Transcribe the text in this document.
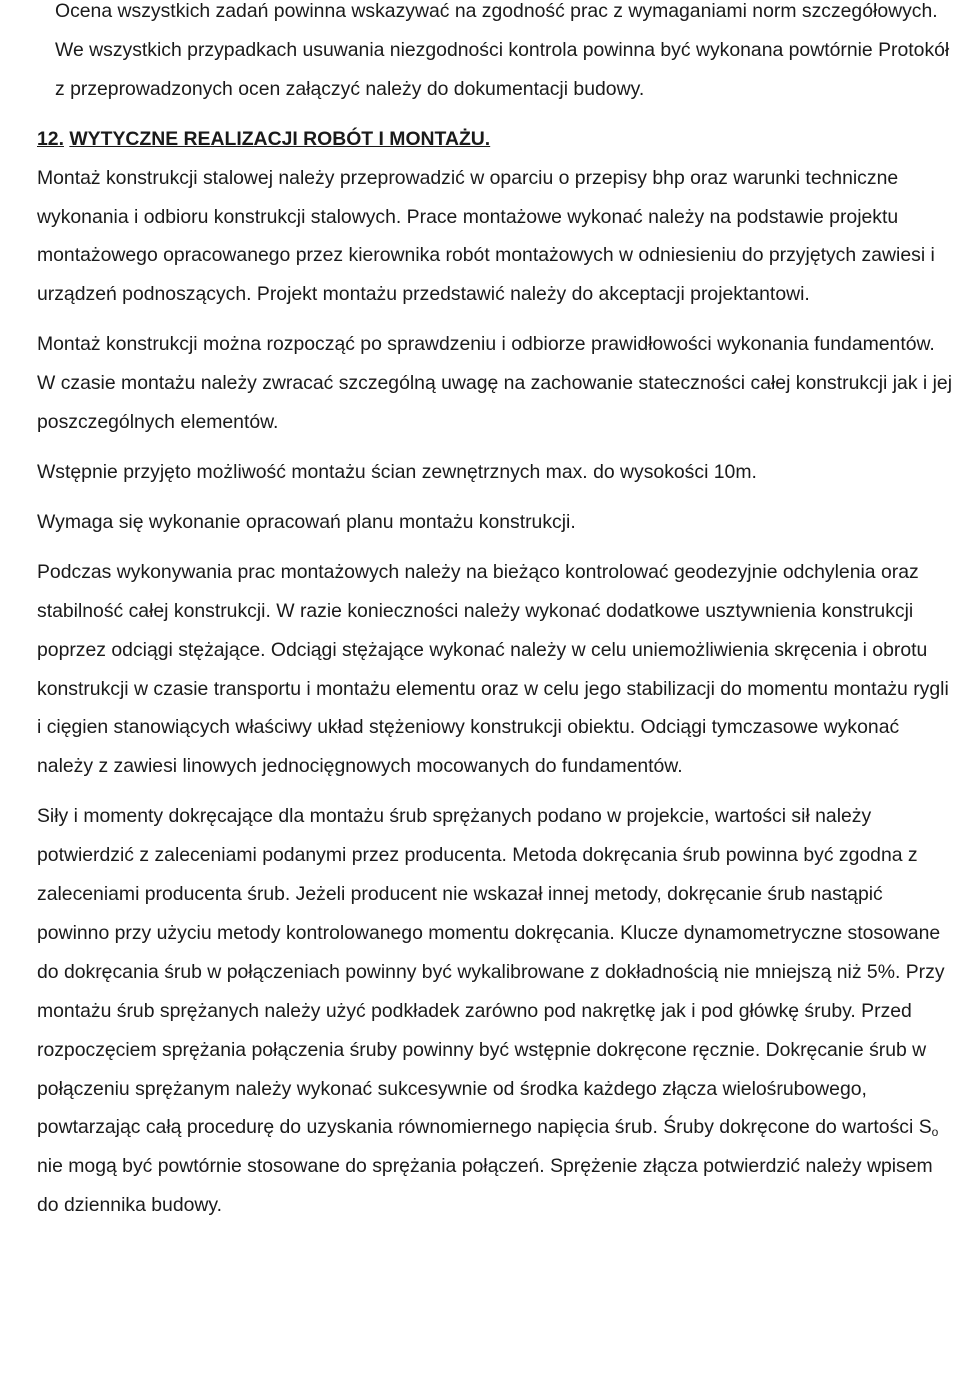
Ocena wszystkich zadań powinna wskazywać na zgodność prac z wymaganiami norm szczegółowych. We wszystkich przypadkach usuwania niezgodności kontrola powinna być wykonana powtórnie Protokół z przeprowadzonych ocen załączyć należy do dokumentacji budowy.

12. WYTYCZNE REALIZACJI ROBÓT I MONTAŻU.

Montaż konstrukcji stalowej należy przeprowadzić w oparciu o przepisy bhp oraz warunki techniczne wykonania i odbioru konstrukcji stalowych. Prace montażowe wykonać należy na podstawie projektu montażowego opracowanego przez kierownika robót montażowych w odniesieniu do przyjętych zawiesi i urządzeń podnoszących. Projekt montażu przedstawić należy do akceptacji projektantowi.

Montaż konstrukcji można rozpocząć po sprawdzeniu i odbiorze prawidłowości wykonania fundamentów. W czasie montażu należy zwracać szczególną uwagę na zachowanie stateczności całej konstrukcji jak i jej poszczególnych elementów.

Wstępnie przyjęto możliwość montażu ścian zewnętrznych max. do wysokości 10m.

Wymaga się wykonanie opracowań planu montażu konstrukcji.

Podczas wykonywania prac montażowych należy na bieżąco kontrolować geodezyjnie odchylenia oraz stabilność całej konstrukcji. W razie konieczności należy wykonać dodatkowe usztywnienia konstrukcji poprzez odciągi stężające. Odciągi stężające wykonać należy w celu uniemożliwienia skręcenia i obrotu konstrukcji w czasie transportu i montażu elementu oraz w celu jego stabilizacji do momentu montażu rygli i cięgien stanowiących właściwy układ stężeniowy konstrukcji obiektu. Odciągi tymczasowe wykonać należy z zawiesi linowych jednocięgnowych mocowanych do fundamentów.

Siły i momenty dokręcające dla montażu śrub sprężanych podano w projekcie, wartości sił należy potwierdzić z zaleceniami podanymi przez producenta. Metoda dokręcania śrub powinna być zgodna z zaleceniami producenta śrub. Jeżeli producent nie wskazał innej metody, dokręcanie śrub nastąpić powinno przy użyciu metody kontrolowanego momentu dokręcania. Klucze dynamometryczne stosowane do dokręcania śrub w połączeniach powinny być wykalibrowane z dokładnością nie mniejszą niż 5%. Przy montażu śrub sprężanych należy użyć podkładek zarówno pod nakrętkę jak i pod główkę śruby. Przed rozpoczęciem sprężania połączenia śruby powinny być wstępnie dokręcone ręcznie. Dokręcanie śrub w połączeniu sprężanym należy wykonać sukcesywnie od środka każdego złącza wielośrubowego, powtarzając całą procedurę do uzyskania równomiernego napięcia śrub. Śruby dokręcone do wartości $S_o$ nie mogą być powtórnie stosowane do sprężania połączeń. Sprężenie złącza potwierdzić należy wpisem do dziennika budowy.
